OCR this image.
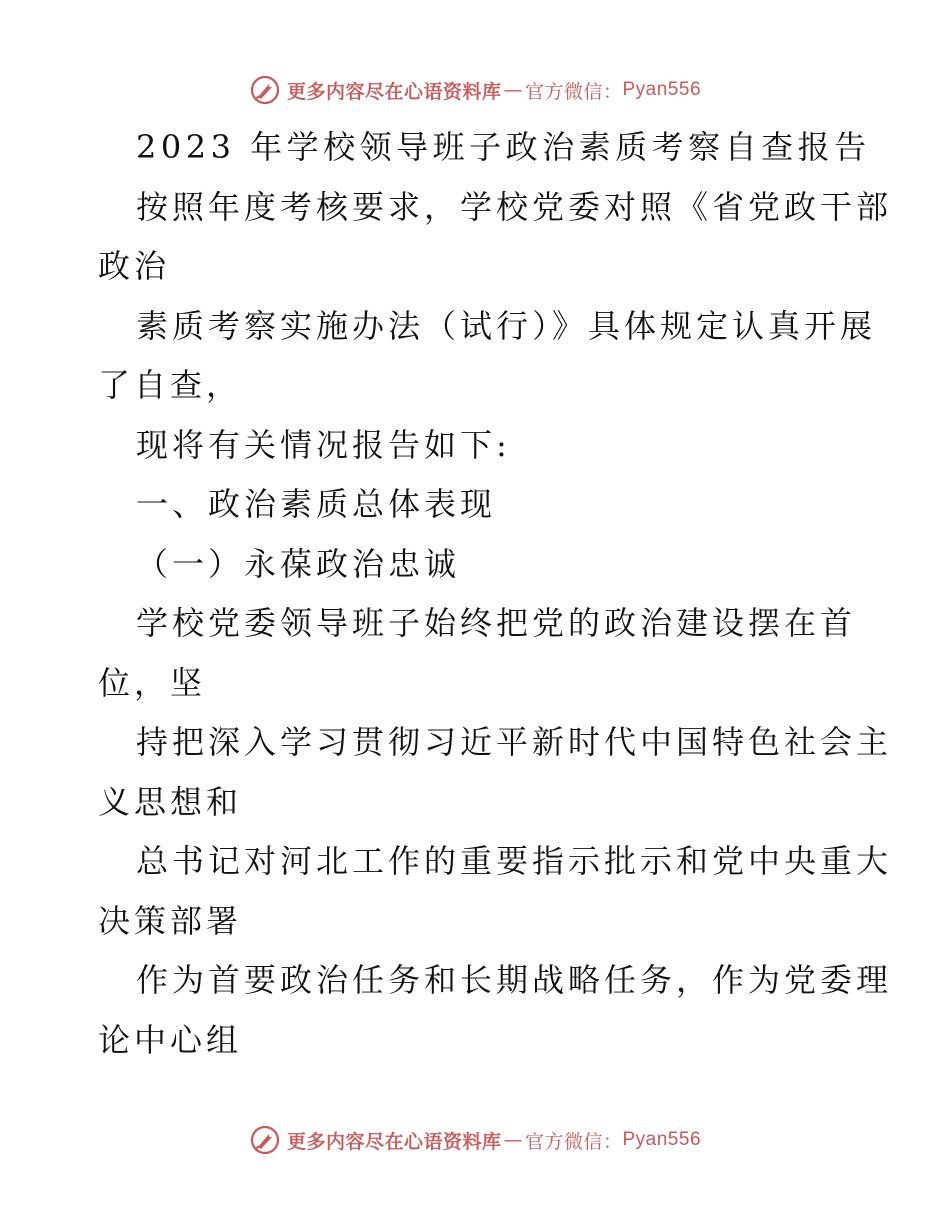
更多内容尽在心语资料库 — 官方微信： Pyan556
2023 年学校领导班子政治素质考察自查报告
按照年度考核要求，学校党委对照《省党政干部
政治
素质考察实施办法（试行）》具体规定认真开展
了自查，
现将有关情况报告如下:
一、政治素质总体表现
（一）永葆政治忠诚
学校党委领导班子始终把党的政治建设摆在首
位，坚
持把深入学习贯彻习近平新时代中国特色社会主
义思想和
总书记对河北工作的重要指示批示和党中央重大
决策部署
作为首要政治任务和长期战略任务，作为党委理
论中心组
更多内容尽在心语资料库 — 官方微信： Pyan556
